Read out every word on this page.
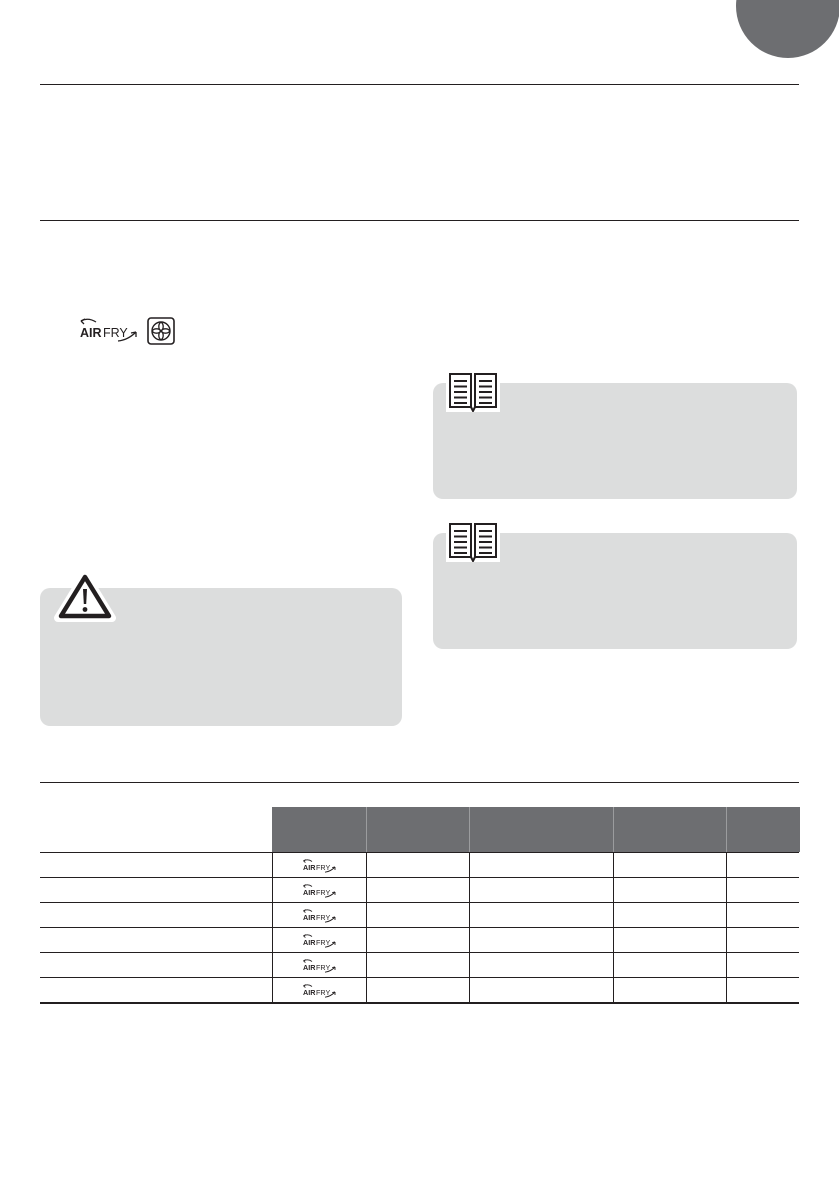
AIR FRY
AIR FRY
AIR FRY
AIR FRY
AIR FRY
AIR FRY
AIR FRY
